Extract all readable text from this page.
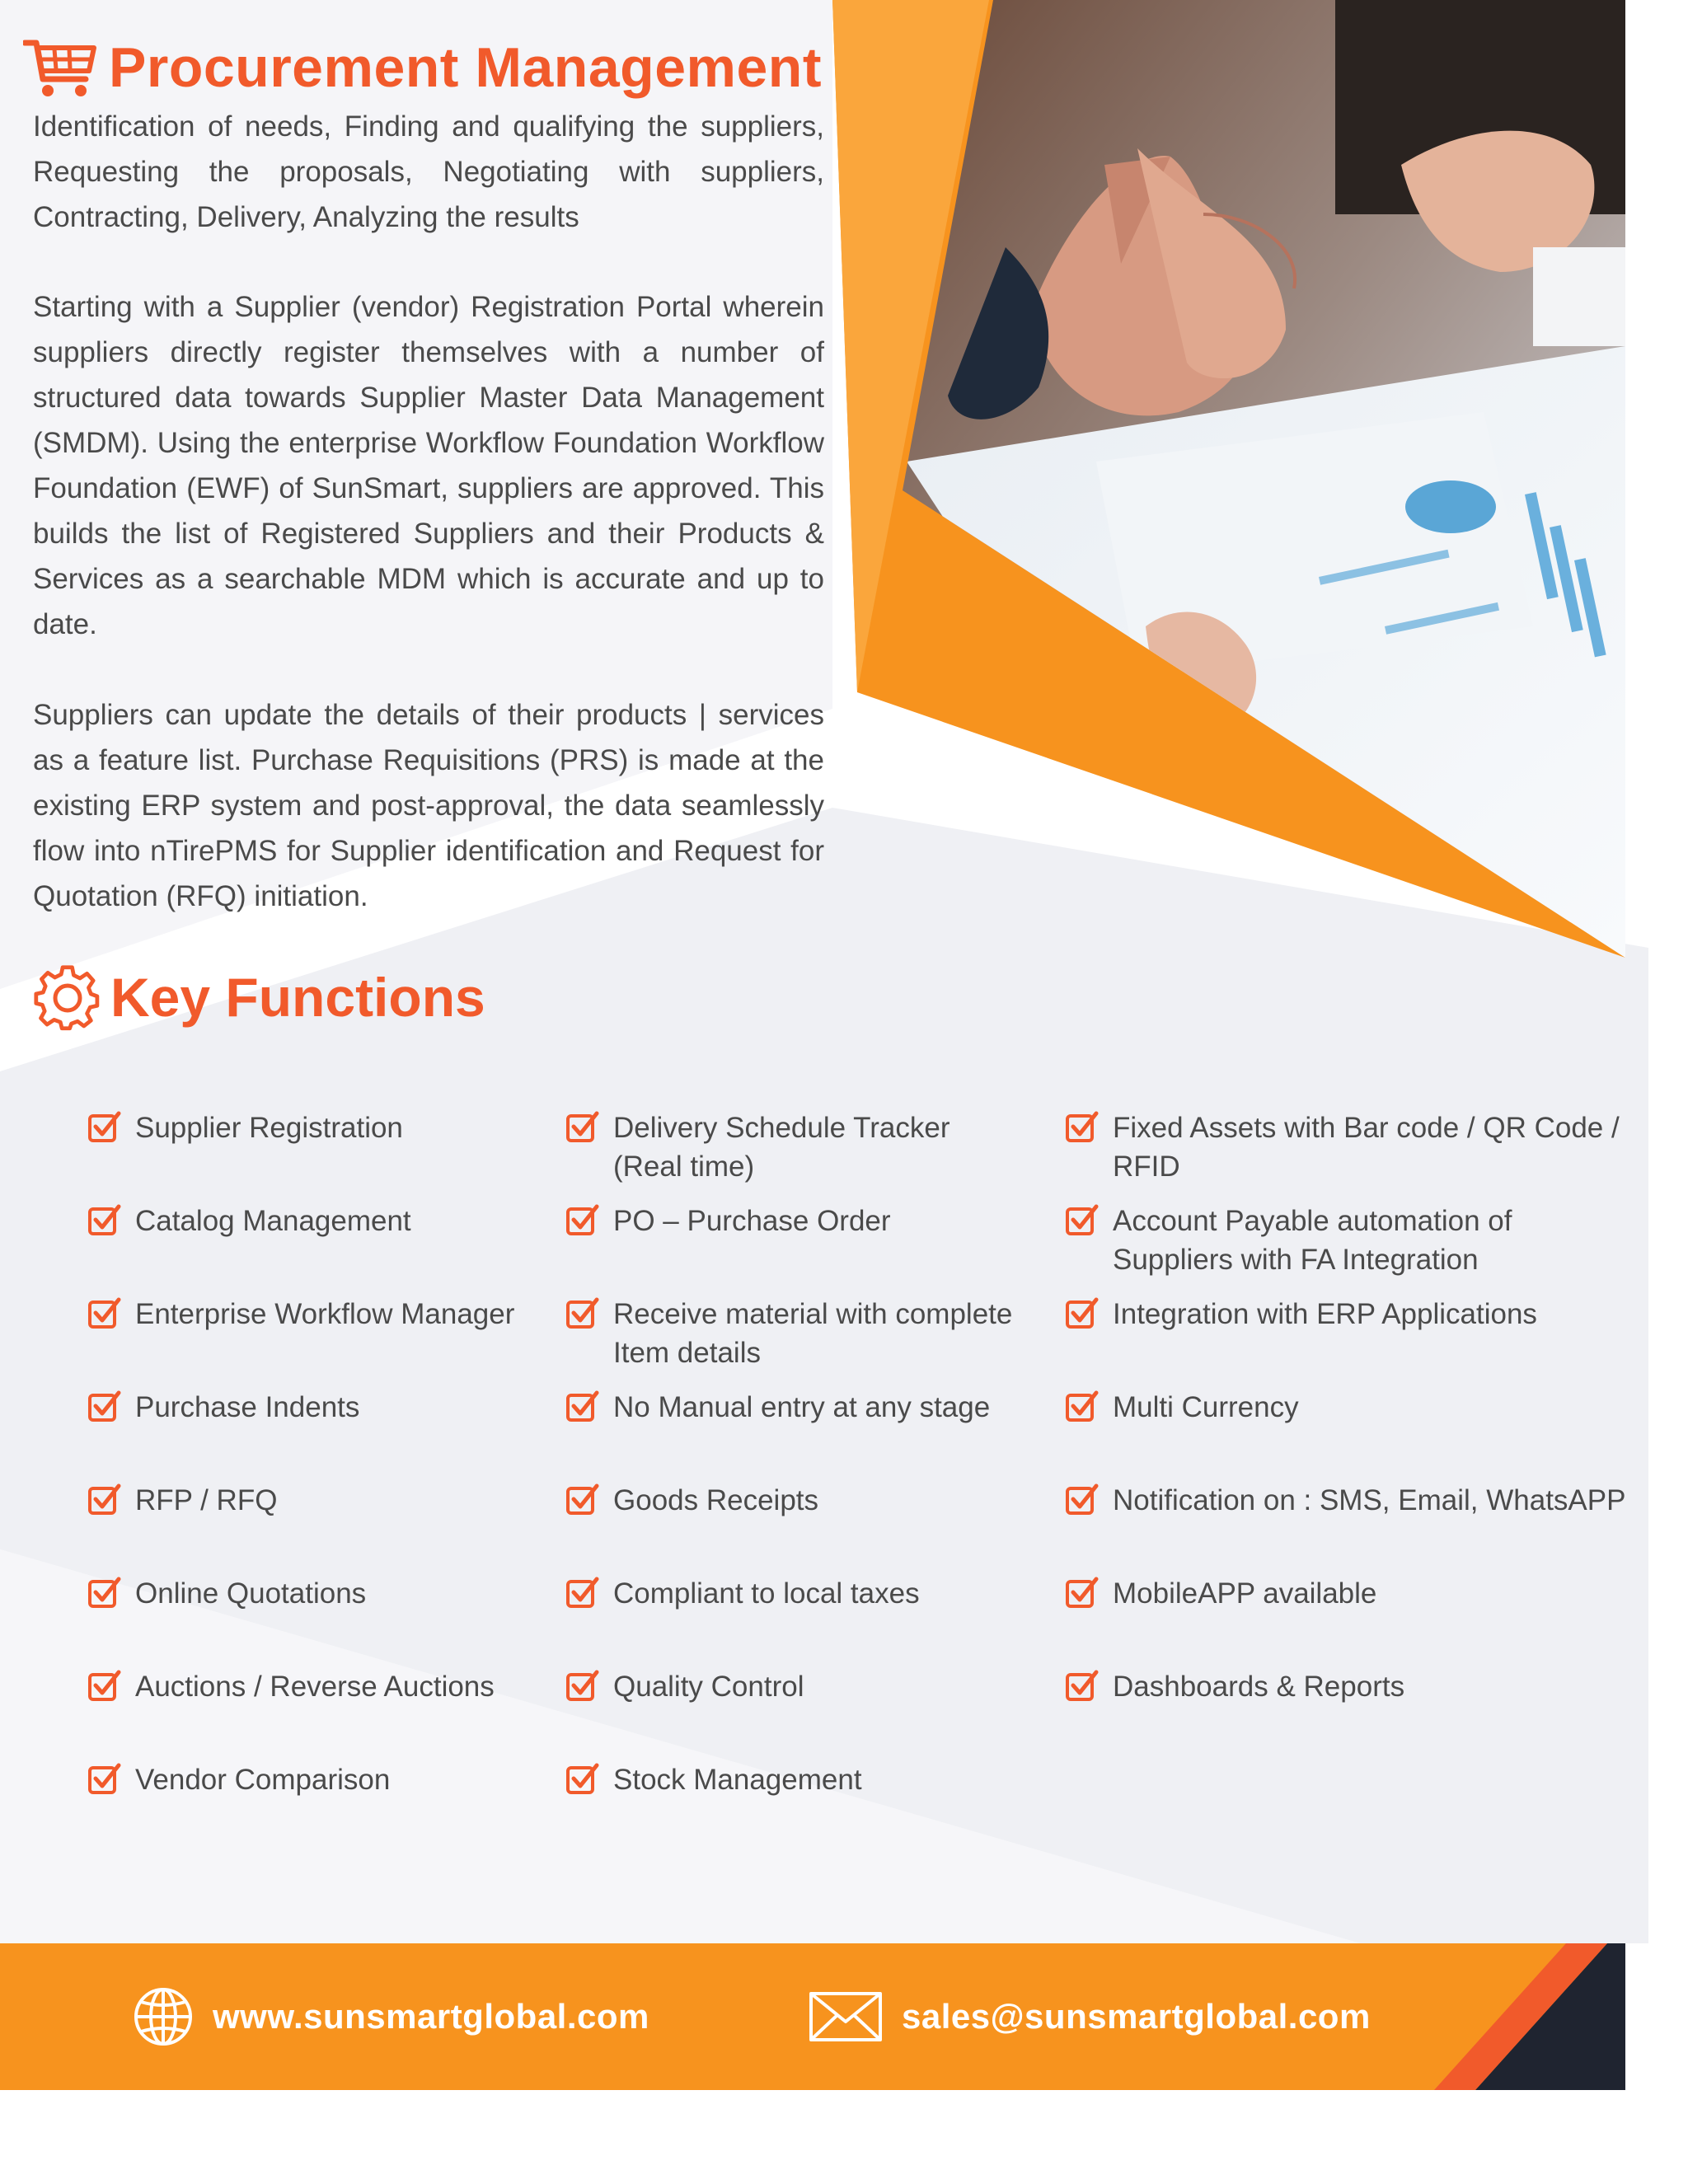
Procurement Management

Identification of needs, Finding and qualifying the suppliers, Requesting the proposals, Negotiating with suppliers, Contracting, Delivery, Analyzing the results

Starting with a Supplier (vendor) Registration Portal wherein suppliers directly register themselves with a number of structured data towards Supplier Master Data Management (SMDM). Using the enterprise Workflow Foundation Workflow Foundation (EWF) of SunSmart, suppliers are approved. This builds the list of Registered Suppliers and their Products & Services as a searchable MDM which is accurate and up to date.

Suppliers can update the details of their products | services as a feature list. Purchase Requisitions (PRS) is made at the existing ERP system and post-approval, the data seamlessly flow into nTirePMS for Supplier identification and Request for Quotation (RFQ) initiation.

Key Functions
Supplier Registration
Catalog Management
Enterprise Workflow Manager
Purchase Indents
RFP / RFQ
Online Quotations
Auctions / Reverse Auctions
Vendor Comparison
Delivery Schedule Tracker (Real time)
PO – Purchase Order
Receive material with complete Item details
No Manual entry at any stage
Goods Receipts
Compliant to local taxes
Quality Control
Stock Management
Fixed Assets with Bar code / QR Code / RFID
Account Payable automation of Suppliers with FA Integration
Integration with ERP Applications
Multi Currency
Notification on : SMS, Email, WhatsAPP
MobileAPP available
Dashboards & Reports
www.sunsmartglobal.com	sales@sunsmartglobal.com
